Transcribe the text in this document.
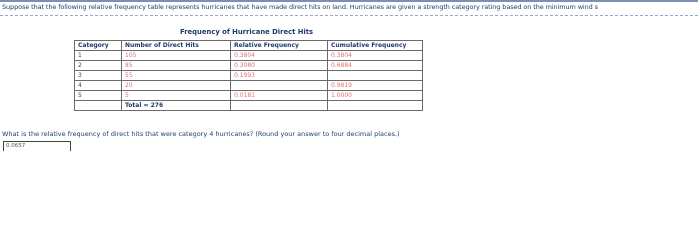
Suppose that the following relative frequency table represents hurricanes that have made direct hits on land. Hurricanes are given a strength category rating based on the minimum wind s
Frequency of Hurricane Direct Hits
Category	Number of Direct Hits	Relative Frequency	Cumulative Frequency
1	105	0.3804	0.3804
2	85	0.3080	0.6884
3	55	0.1993	
4	20		0.9819
5	5	0.0181	1.0000
	Total = 276		
What is the relative frequency of direct hits that were category 4 hurricanes? (Round your answer to four decimal places.)
0.0657
